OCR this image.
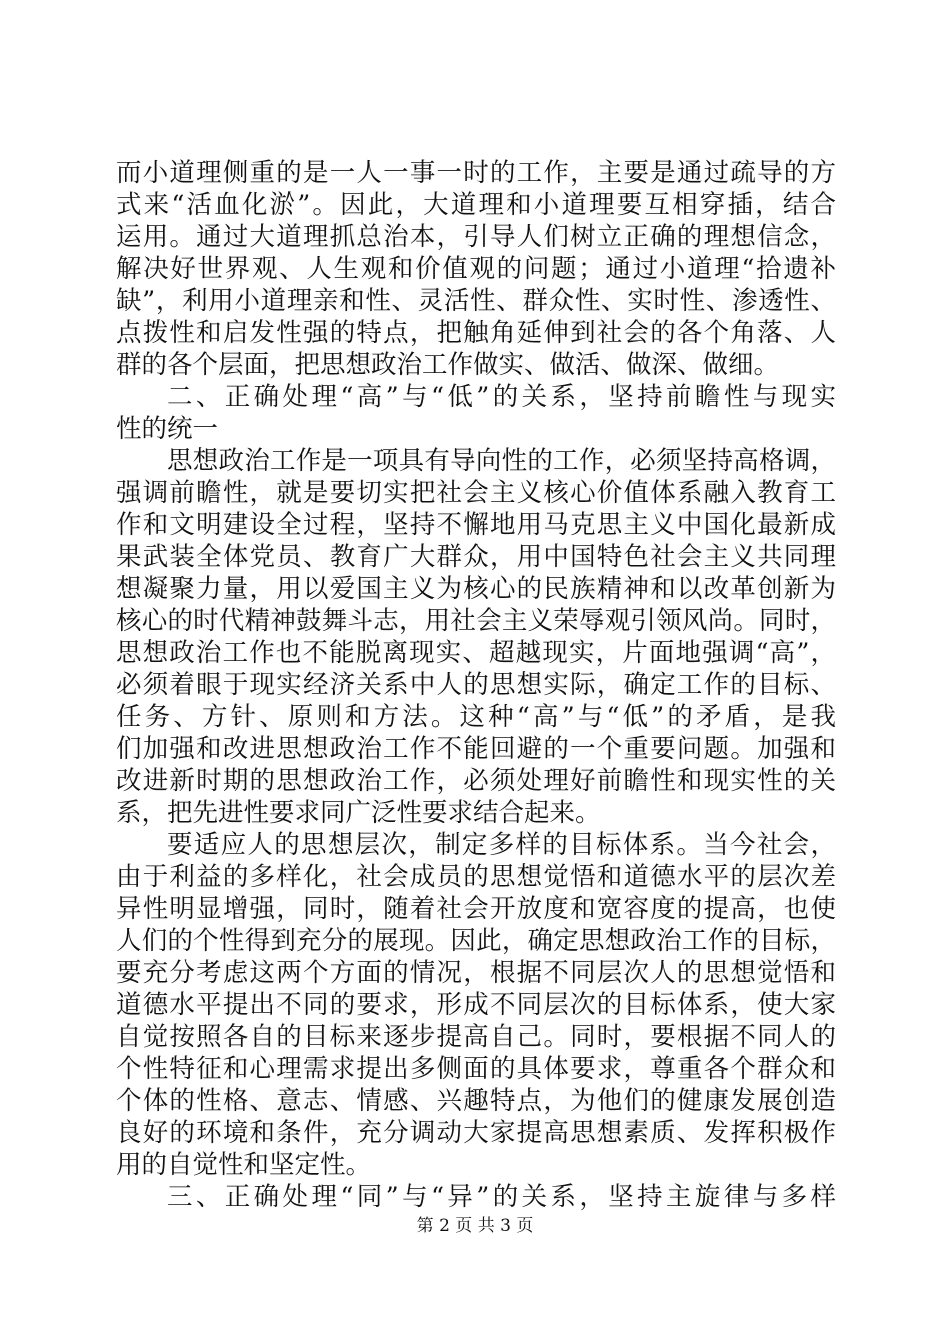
而小道理侧重的是一人一事一时的工作，主要是通过疏导的方
式来“活血化淤”。因此，大道理和小道理要互相穿插，结合
运用。通过大道理抓总治本，引导人们树立正确的理想信念，
解决好世界观、人生观和价值观的问题；通过小道理“拾遗补
缺”，利用小道理亲和性、灵活性、群众性、实时性、渗透性、
点拨性和启发性强的特点，把触角延伸到社会的各个角落、人
群的各个层面，把思想政治工作做实、做活、做深、做细。
二、正确处理“高”与“低”的关系，坚持前瞻性与现实
性的统一
思想政治工作是一项具有导向性的工作，必须坚持高格调，
强调前瞻性，就是要切实把社会主义核心价值体系融入教育工
作和文明建设全过程，坚持不懈地用马克思主义中国化最新成
果武装全体党员、教育广大群众，用中国特色社会主义共同理
想凝聚力量，用以爱国主义为核心的民族精神和以改革创新为
核心的时代精神鼓舞斗志，用社会主义荣辱观引领风尚。同时，
思想政治工作也不能脱离现实、超越现实，片面地强调“高”，
必须着眼于现实经济关系中人的思想实际，确定工作的目标、
任务、方针、原则和方法。这种“高”与“低”的矛盾，是我
们加强和改进思想政治工作不能回避的一个重要问题。加强和
改进新时期的思想政治工作，必须处理好前瞻性和现实性的关
系，把先进性要求同广泛性要求结合起来。
要适应人的思想层次，制定多样的目标体系。当今社会，
由于利益的多样化，社会成员的思想觉悟和道德水平的层次差
异性明显增强，同时，随着社会开放度和宽容度的提高，也使
人们的个性得到充分的展现。因此，确定思想政治工作的目标，
要充分考虑这两个方面的情况，根据不同层次人的思想觉悟和
道德水平提出不同的要求，形成不同层次的目标体系，使大家
自觉按照各自的目标来逐步提高自己。同时，要根据不同人的
个性特征和心理需求提出多侧面的具体要求，尊重各个群众和
个体的性格、意志、情感、兴趣特点，为他们的健康发展创造
良好的环境和条件，充分调动大家提高思想素质、发挥积极作
用的自觉性和坚定性。
三、正确处理“同”与“异”的关系，坚持主旋律与多样
第 2 页 共 3 页
